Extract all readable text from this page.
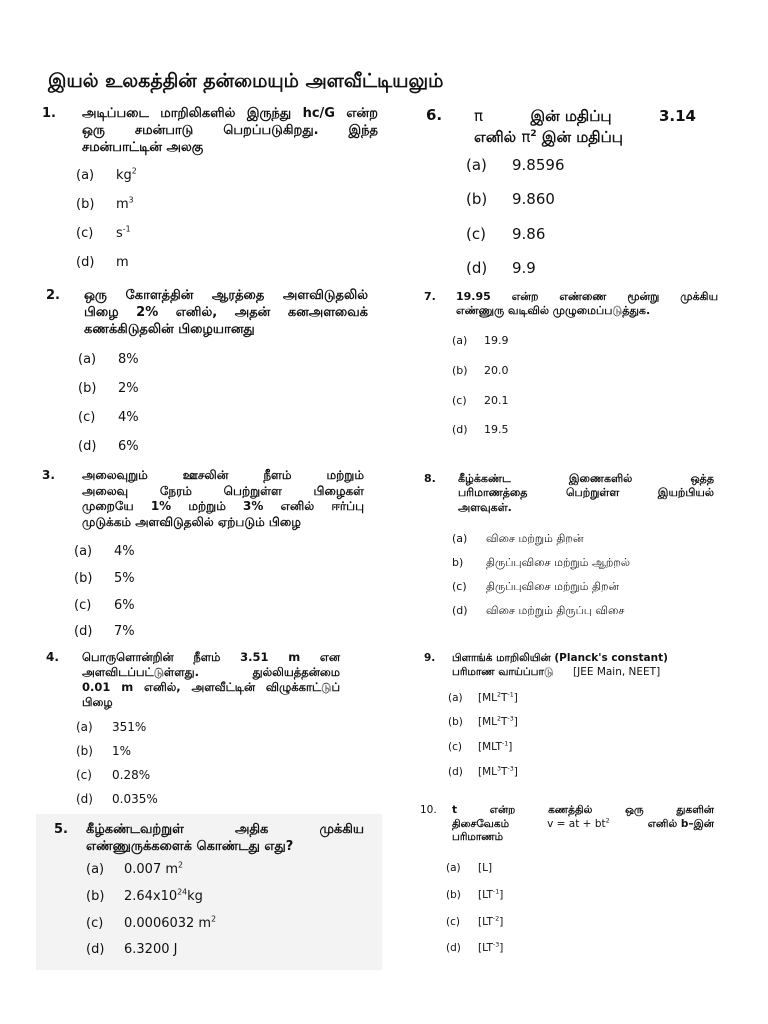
இயல் உலகத்தின் தன்மையும் அளவீட்டியலும்
1. அடிப்படை மாறிலிகளில் இருந்து hc/G என்ற
ஒரு சமன்பாடு பெறப்படுகிறது. இந்த
சமன்பாட்டின் அலகு
(a) $kg^2$
(b) $m^3$
(c) $s^{-1}$
(d) m
2. ஒரு கோளத்தின் ஆரத்தை அளவிடுதலில்
பிழை 2% எனில், அதன் கனஅளவைக்
கணக்கிடுதலின் பிழையானது
(a) 8%
(b) 2%
(c) 4%
(d) 6%
3. அலைவுறும் ஊசலின் நீளம் மற்றும்
அலைவு நேரம் பெற்றுள்ள பிழைகள்
முறையே 1% மற்றும் 3% எனில் ஈர்ப்பு
முடுக்கம் அளவிடுதலில் ஏற்படும் பிழை
(a) 4%
(b) 5%
(c) 6%
(d) 7%
4. பொருளொன்றின் நீளம் 3.51 m என
அளவிடப்பட்டுள்ளது. துல்லியத்தன்மை
0.01 m எனில், அளவீட்டின் விழுக்காட்டுப்
பிழை
(a) 351%
(b) 1%
(c) 0.28%
(d) 0.035%
5. கீழ்கண்டவற்றுள் அதிக முக்கிய
எண்ணுருக்களைக் கொண்டது எது?
(a) 0.007 $m^2$
(b) $2.64x10^{24}kg$
(c) 0.0006032 $m^2$
(d) 6.3200 J
6. π	இன் மதிப்பு	3.14
எனில் $\pi^2$ இன் மதிப்பு
(a) 9.8596
(b) 9.860
(c) 9.86
(d) 9.9
7. 19.95 என்ற எண்ணை மூன்று முக்கிய
எண்ணுரு வடிவில் முழுமைப்படுத்துக.
(a) 19.9
(b) 20.0
(c) 20.1
(d) 19.5
8. கீழ்க்கண்ட இணைகளில் ஒத்த
பரிமாணத்தை பெற்றுள்ள இயற்பியல்
அளவுகள்.
(a) விசை மற்றும் திறன்
b) திருப்புவிசை மற்றும் ஆற்றல்
(c) திருப்புவிசை மற்றும் திறன்
(d) விசை மற்றும் திருப்பு விசை
9. பிளாங்க் மாறிலியின் (Planck's constant)
பரிமாண வாய்ப்பாடு [JEE Main, NEET]
(a) $[ML^2T^{-1}]$
(b) $[ML^2T^{-3}]$
(c) $[MLT^{-1}]$
(d) $[ML^3T^{-3}]$
10. t என்ற கணத்தில் ஒரு துகளின்
திசைவேகம்	v = at + $bt^2$	எனில் b–இன்
பரிமாணம்
(a) [L]
(b) $[LT^{-1}]$
(c) $[LT^{-2}]$
(d) $[LT^{-3}]$
